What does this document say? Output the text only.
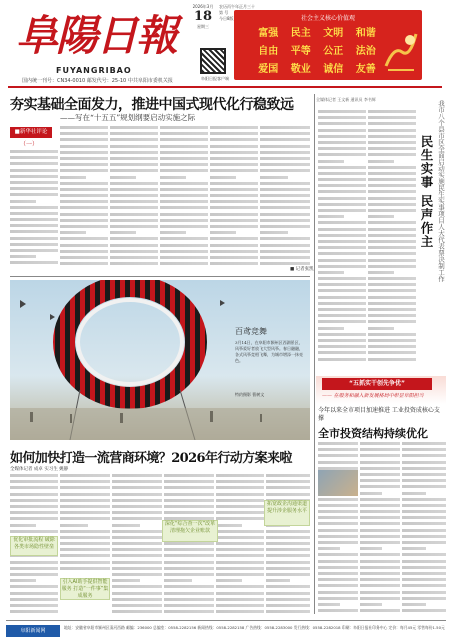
阜陽日報
FUYANGRIBAO
国内统一刊号：CN34-0010 邮发代号：25-10 中共阜阳市委机关报
2026年3月
18
星期三
农历丙午年正月三十
第 号
今日8版
阜阳日报客户端
社会主义核心价值观
富强	民主	文明	和谐
自由	平等	公正	法治
爱国	敬业	诚信	友善
夯实基础全面发力，推进中国式现代化行稳致远
——写在“十五五”规划纲要启动实施之际
■新华社评论
（一）
■ 记者张凯
百鸢竞舞
3月14日，在阜阳市颍州区西湖景区，风筝爱好者放飞大型风筝。春日融融，各式风筝竞相飞舞，为城市增添一抹亮色。
特约摄影 曹树文
如何加快打造一流营商环境？2026年行动方案来啦
全媒体记者 成卓 实习生 姚静
优化审批流程 破除各类市场隐性壁垒
引入AI助手提供智能服务 打造“一件事”集成服务
深化“综合查一次”改革 清理拖欠企业账款
拓宽政企沟通渠道 提升涉企服务水平
全媒体记者 王文新 通讯员 李书辉
我市八个县市区全面启动实施民生实事项目人大代表票决制工作
民生实事 民声作主
“五抓实干创先争优”
—— 在服务和融入新发展格局中彰显阜阳担当
今年以来全市项目加速推进 工业投资成核心支撑
全市投资结构持续优化
阜阳新闻网
地址：安徽省阜阳市颍州区清河西路 邮编：236000 总编室：0558-2282156 新闻热线：0558-2282158 广告热线：0558-2283000 发行热线：0558-2282018 印刷：阜阳日报社印务中心 定价：每月45元 零售每份1.50元
